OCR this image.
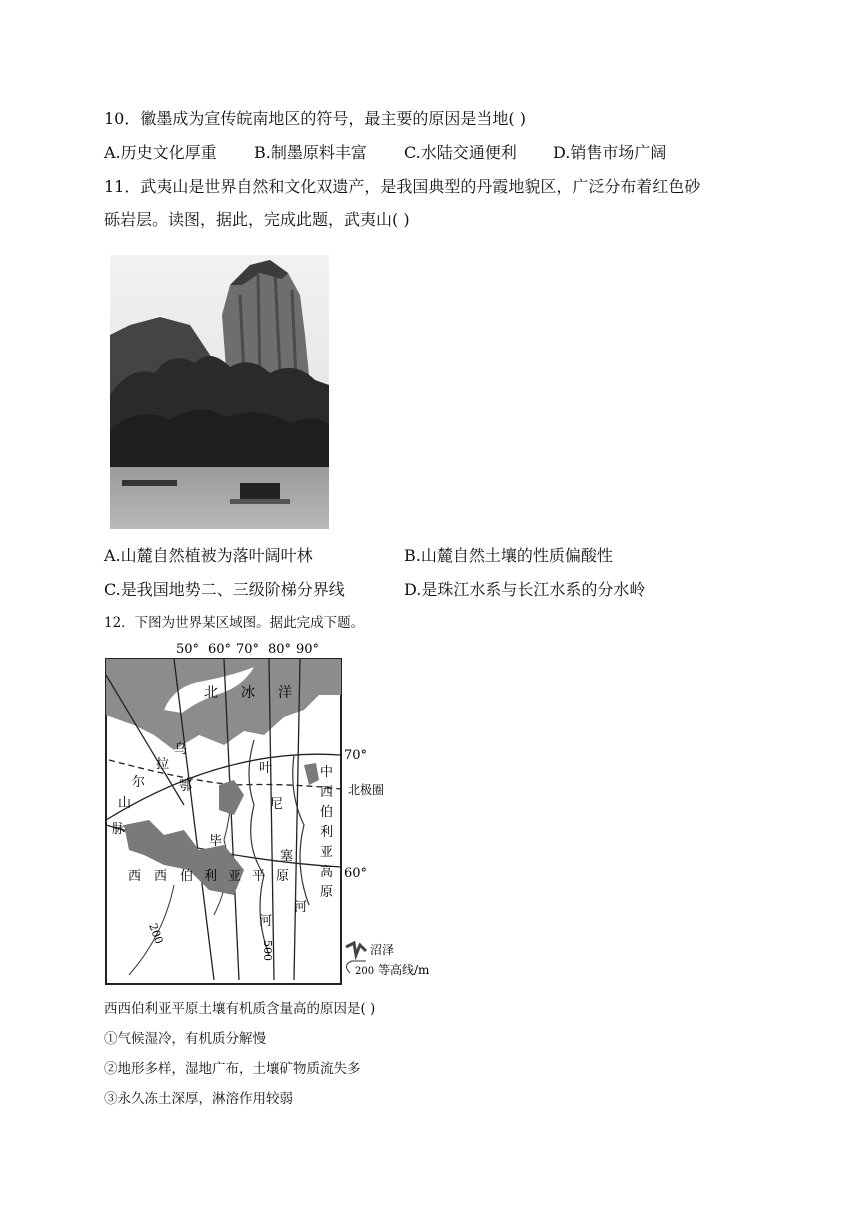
10．徽墨成为宣传皖南地区的符号，最主要的原因是当地( )
A.历史文化厚重 B.制墨原料丰富 C.水陆交通便利 D.销售市场广阔
11．武夷山是世界自然和文化双遗产，是我国典型的丹霞地貌区，广泛分布着红色砂
砾岩层。读图，据此，完成此题，武夷山( )
A.山麓自然植被为落叶阔叶林	B.山麓自然土壤的性质偏酸性
C.是我国地势二、三级阶梯分界线	D.是珠江水系与长江水系的分水岭
12．下图为世界某区域图。据此完成下题。
200
500
50° 60° 70° 80° 90°
70°
60°
北极圈
北 冰 洋
乌
拉
尔
山
脉
鄂
毕
叶
尼
塞
河
河
中
西
伯
利
亚
高
原
西 西 伯 利 亚 平 原
沼泽
200 等高线/m
西西伯利亚平原土壤有机质含量高的原因是( )
①气候湿冷，有机质分解慢
②地形多样，湿地广布，土壤矿物质流失多
③永久冻土深厚，淋溶作用较弱
